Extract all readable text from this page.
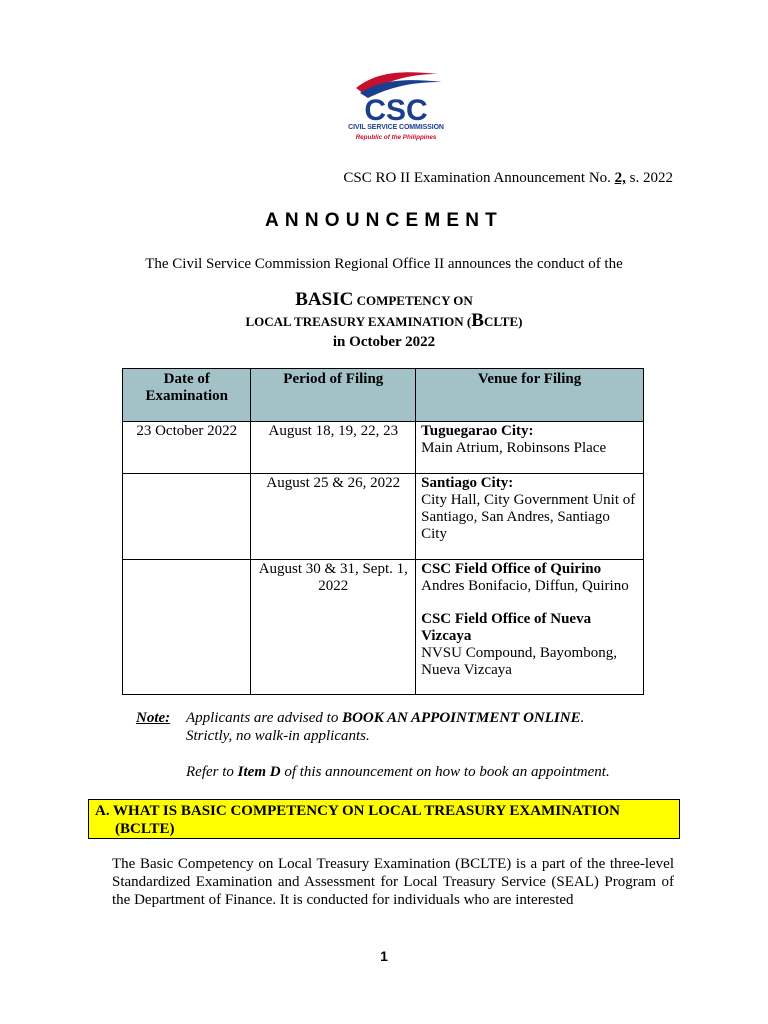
CSC
CIVIL SERVICE COMMISSION
Republic of the Philippines
CSC RO II Examination Announcement No. 2, s. 2022
ANNOUNCEMENT
The Civil Service Commission Regional Office II announces the conduct of the
BASIC COMPETENCY ON
LOCAL TREASURY EXAMINATION (BCLTE)
in October 2022
Date of Examination	Period of Filing	Venue for Filing
23 October 2022	August 18, 19, 22, 23	Tuguegarao City:
Main Atrium, Robinsons Place

	August 25 & 26, 2022	Santiago City:
City Hall, City Government Unit of Santiago, San Andres, Santiago City

	August 30 & 31, Sept. 1, 2022	CSC Field Office of Quirino
Andres Bonifacio, Diffun, Quirino
CSC Field Office of Nueva Vizcaya
NVSU Compound, Bayombong, Nueva Vizcaya
Note: Applicants are advised to BOOK AN APPOINTMENT ONLINE.
Strictly, no walk-in applicants.
Refer to Item D of this announcement on how to book an appointment.
A. WHAT IS BASIC COMPETENCY ON LOCAL TREASURY EXAMINATION
(BCLTE)
The Basic Competency on Local Treasury Examination (BCLTE) is a part of the three-level Standardized Examination and Assessment for Local Treasury Service (SEAL) Program of the Department of Finance. It is conducted for individuals who are interested
1
